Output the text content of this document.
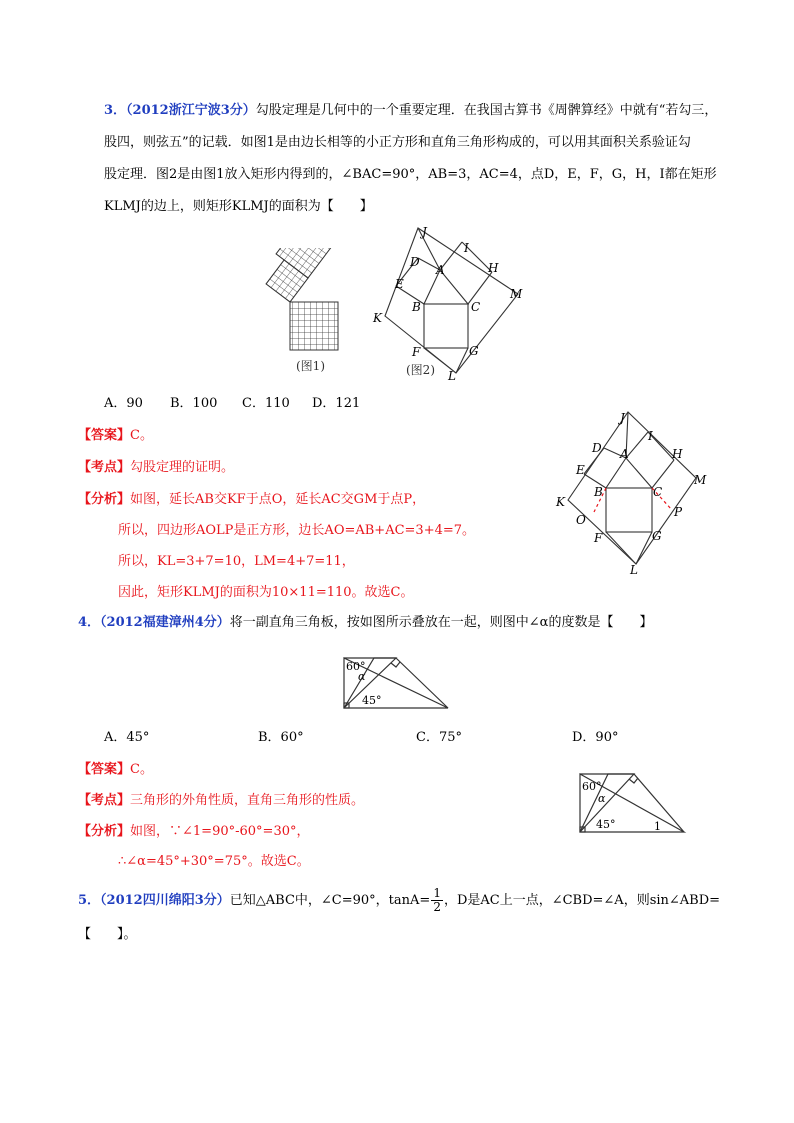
3．（2012浙江宁波3分）勾股定理是几何中的一个重要定理．在我国古算书《周髀算经》中就有“若勾三，
股四，则弦五”的记载．如图1是由边长相等的小正方形和直角三角形构成的，可以用其面积关系验证勾
股定理．图2是由图1放入矩形内得到的，∠BAC=90°，AB=3，AC=4，点D，E，F，G，H，I都在矩形
KLMJ的边上，则矩形KLMJ的面积为【　　】
(图1)
J
I
D
A	H
E
M
K
B	C
F	G
L
(图2)
A．90 B．100 C．110 D．121
【答案】C。
【考点】勾股定理的证明。
【分析】如图，延长AB交KF于点O，延长AC交GM于点P，
所以，四边形AOLP是正方形，边长AO=AB+AC=3+4=7。
所以，KL=3+7=10，LM=4+7=11，
因此，矩形KLMJ的面积为10×11=110。故选C。
J
I
D A	H
E
M
K
B	C
O
P
F	G
L
4．（2012福建漳州4分）将一副直角三角板，按如图所示叠放在一起，则图中∠α的度数是【　　】
60°
α
45°
A．45°	B．60°	C．75°	D．90°
【答案】C。
【考点】三角形的外角性质，直角三角形的性质。
【分析】如图，∵∠1=90°-60°=30°，
∴∠α=45°+30°=75°。故选C。
60°
α
45°	1
5．（2012四川绵阳3分）已知△ABC中，∠C=90°，$\tan A= \frac{1}{2}$ ，D是AC上一点，∠CBD=∠A，则sin∠ABD=
【　　】。
